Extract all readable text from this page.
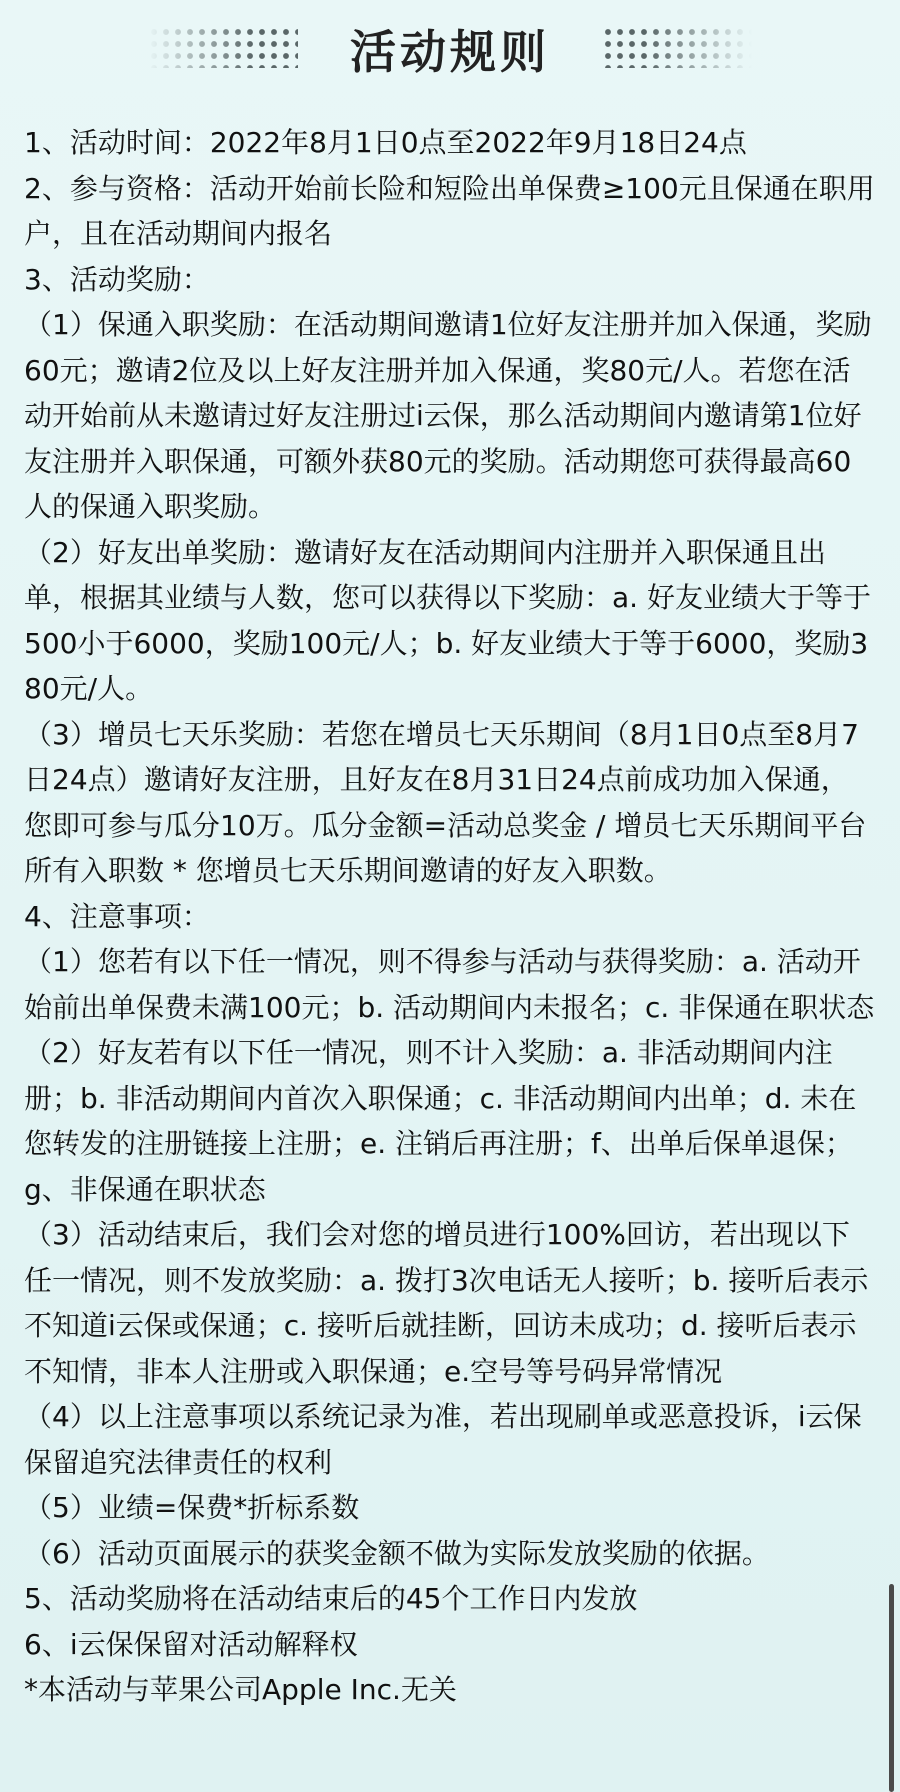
活动规则
1、活动时间：2022年8月1日0点至2022年9月18日24点
2、参与资格：活动开始前长险和短险出单保费≥100元且保通在职用户，且在活动期间内报名
3、活动奖励：
（1）保通入职奖励：在活动期间邀请1位好友注册并加入保通，奖励60元；邀请2位及以上好友注册并加入保通，奖80元/人。若您在活动开始前从未邀请过好友注册过i云保，那么活动期间内邀请第1位好友注册并入职保通，可额外获80元的奖励。活动期您可获得最高60人的保通入职奖励。
（2）好友出单奖励：邀请好友在活动期间内注册并入职保通且出单，根据其业绩与人数，您可以获得以下奖励：a. 好友业绩大于等于500小于6000，奖励100元/人；b. 好友业绩大于等于6000，奖励380元/人。
（3）增员七天乐奖励：若您在增员七天乐期间（8月1日0点至8月7日24点）邀请好友注册，且好友在8月31日24点前成功加入保通，您即可参与瓜分10万。瓜分金额=活动总奖金 / 增员七天乐期间平台所有入职数 * 您增员七天乐期间邀请的好友入职数。
4、注意事项：
（1）您若有以下任一情况，则不得参与活动与获得奖励：a. 活动开始前出单保费未满100元；b. 活动期间内未报名；c. 非保通在职状态
（2）好友若有以下任一情况，则不计入奖励：a. 非活动期间内注册；b. 非活动期间内首次入职保通；c. 非活动期间内出单；d. 未在您转发的注册链接上注册；e. 注销后再注册；f、出单后保单退保；g、非保通在职状态
（3）活动结束后，我们会对您的增员进行100%回访，若出现以下任一情况，则不发放奖励：a. 拨打3次电话无人接听；b. 接听后表示不知道i云保或保通；c. 接听后就挂断，回访未成功；d. 接听后表示不知情，非本人注册或入职保通；e.空号等号码异常情况
（4）以上注意事项以系统记录为准，若出现刷单或恶意投诉，i云保保留追究法律责任的权利
（5）业绩=保费*折标系数
（6）活动页面展示的获奖金额不做为实际发放奖励的依据。
5、活动奖励将在活动结束后的45个工作日内发放
6、i云保保留对活动解释权
*本活动与苹果公司Apple Inc.无关
